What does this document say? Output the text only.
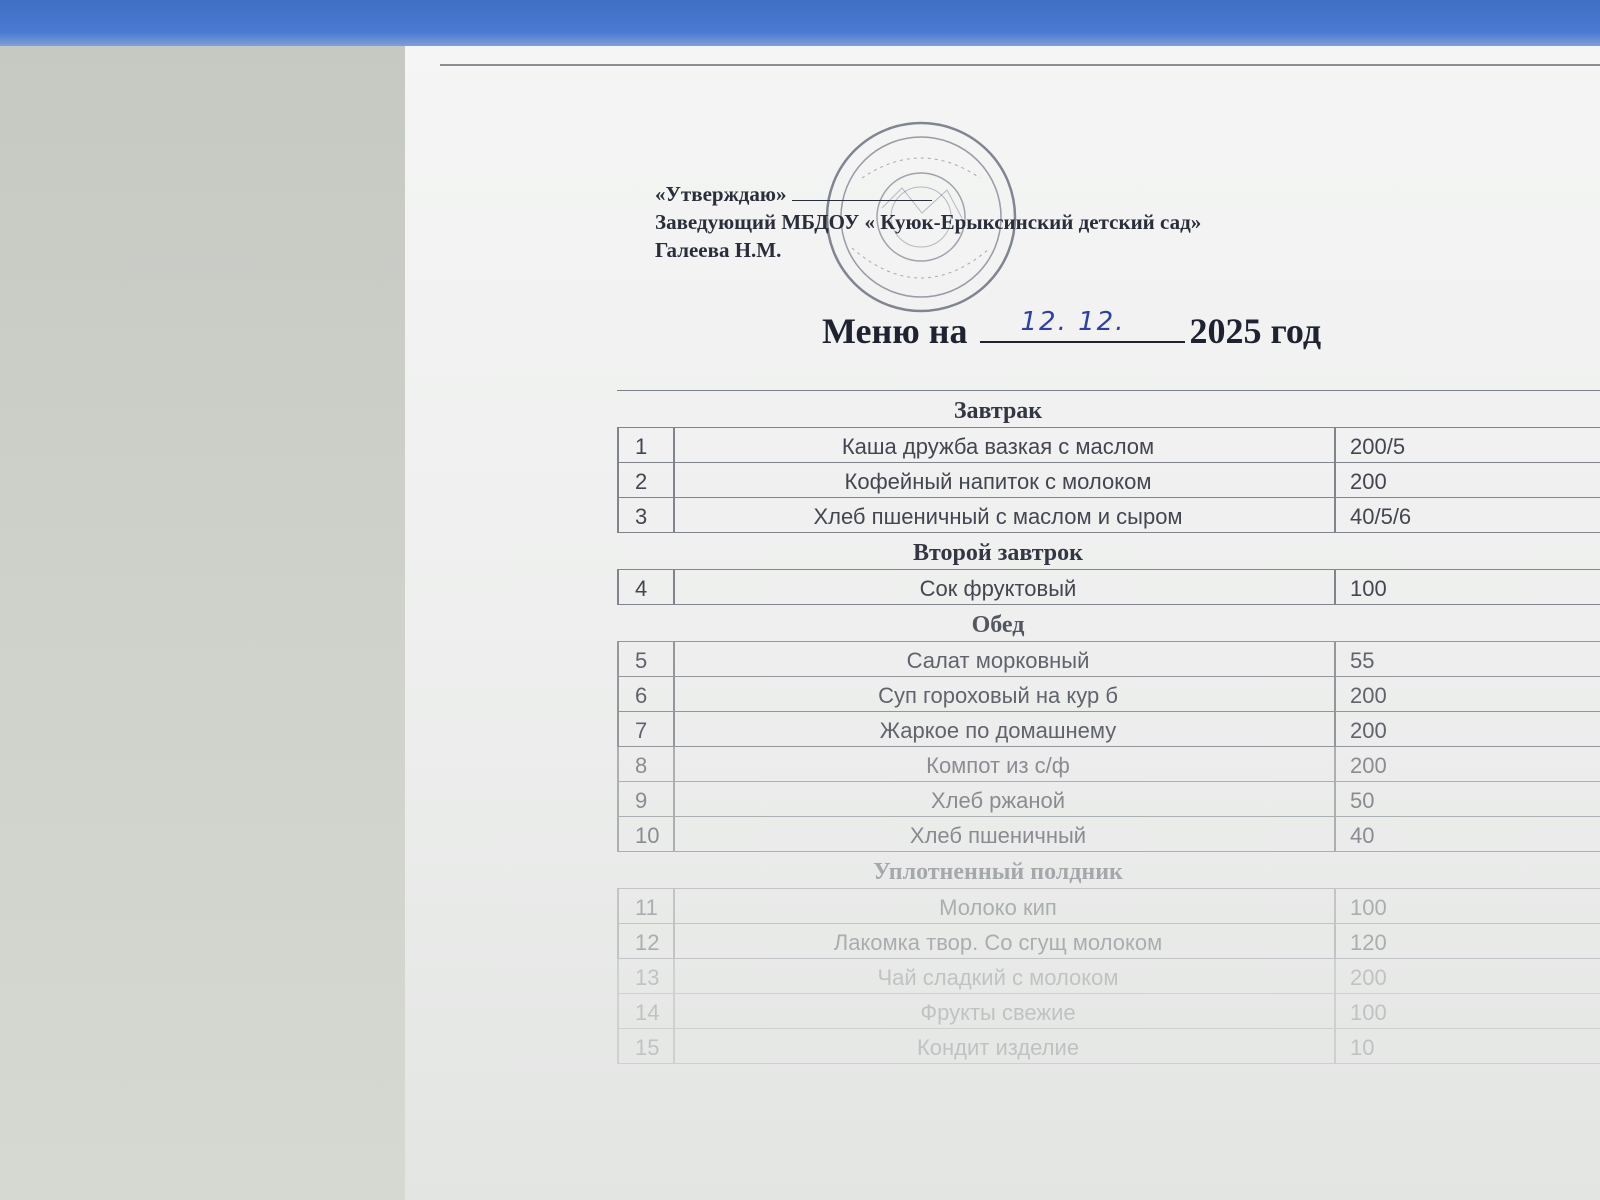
«Утверждаю»
Заведующий МБДОУ « Куюк-Ерыксинский детский сад»
Галеева Н.М.
Меню на 12. 12. 2025 год
Завтрак
1	Каша дружба вазкая с маслом	200/5
2	Кофейный напиток с молоком	200
3	Хлеб пшеничный с маслом и сыром	40/5/6
Второй завтрок
4	Сок фруктовый	100
Обед
5	Салат морковный	55
6	Суп гороховый на кур б	200
7	Жаркое по домашнему	200
8	Компот из с/ф	200
9	Хлеб ржаной	50
10	Хлеб пшеничный	40
Уплотненный полдник
11	Молоко кип	100
12	Лакомка твор. Со сгущ молоком	120
13	Чай сладкий с молоком	200
14	Фрукты свежие	100
15	Кондит изделие	10
